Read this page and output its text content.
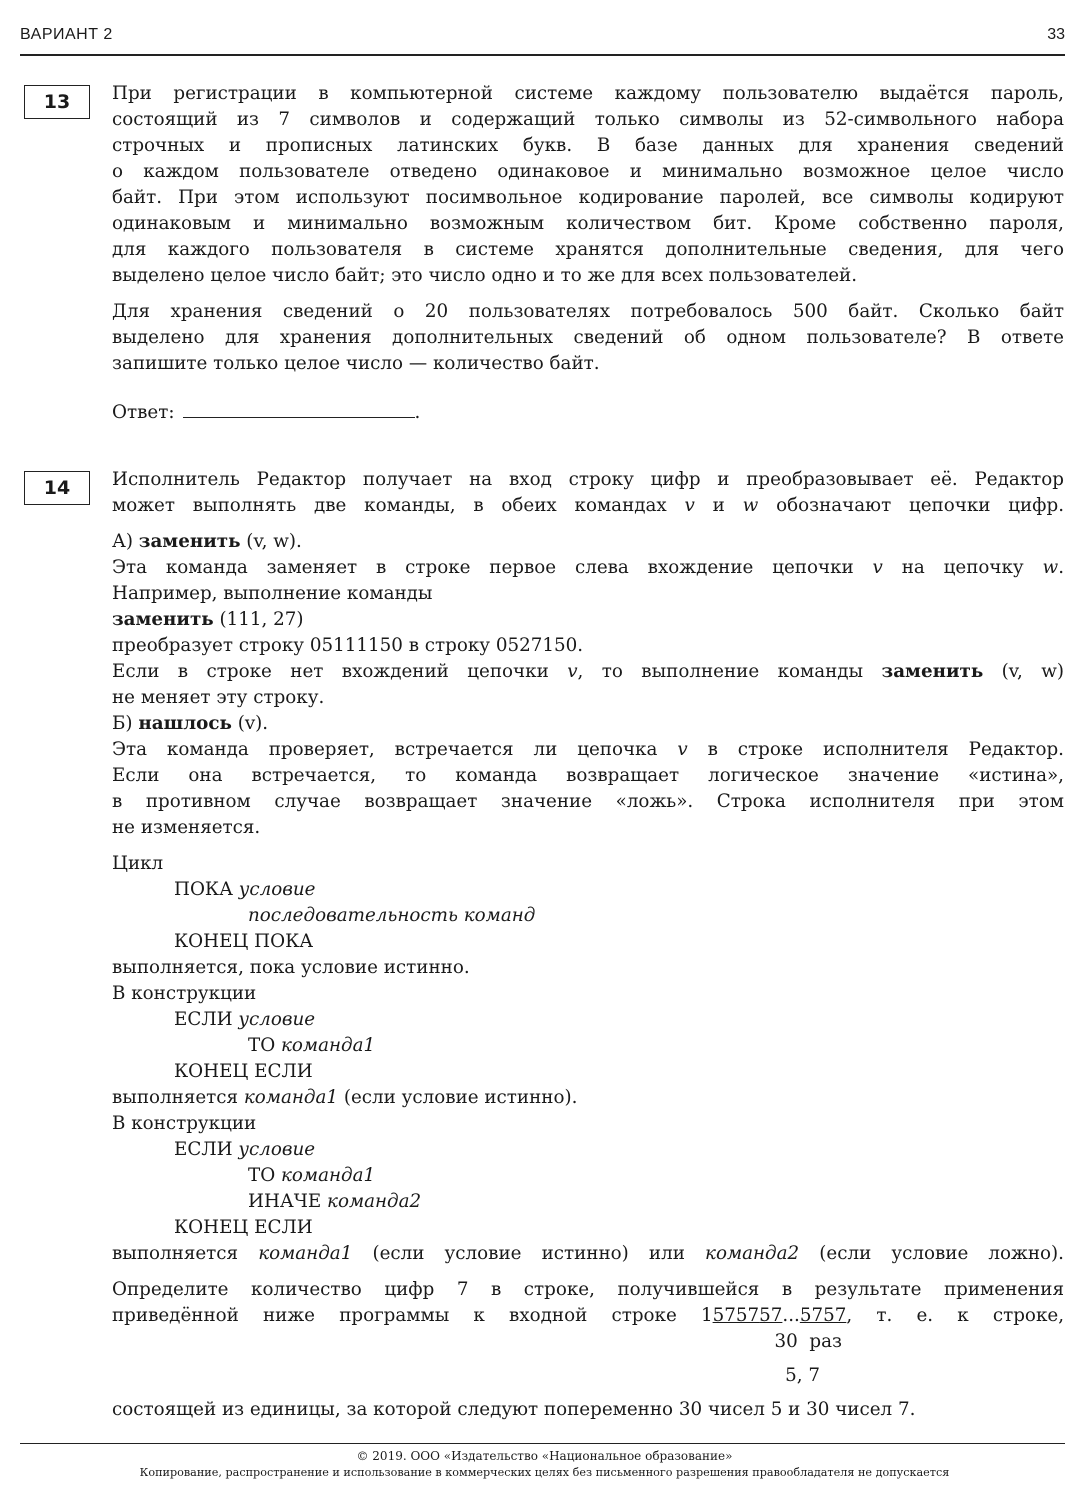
ВАРИАНТ 2	33
13	При регистрации в компьютерной системе каждому пользователю выдаётся пароль,
состоящий из 7 символов и содержащий только символы из 52-символьного набора
строчных и прописных латинских букв. В базе данных для хранения сведений
о каждом пользователе отведено одинаковое и минимально возможное целое число
байт. При этом используют посимвольное кодирование паролей, все символы кодируют
одинаковым и минимально возможным количеством бит. Кроме собственно пароля,
для каждого пользователя в системе хранятся дополнительные сведения, для чего
выделено целое число байт; это число одно и то же для всех пользователей.
Для хранения сведений о 20 пользователях потребовалось 500 байт. Сколько байт
выделено для хранения дополнительных сведений об одном пользователе? В ответе
запишите только целое число — количество байт.
Ответ:	.
14	Исполнитель Редактор получает на вход строку цифр и преобразовывает её. Редактор
может выполнять две команды, в обеих командах v и w обозначают цепочки цифр.
А) заменить (v, w).
Эта команда заменяет в строке первое слева вхождение цепочки v на цепочку w.
Например, выполнение команды
заменить (111, 27)
преобразует строку 05111150 в строку 0527150.
Если в строке нет вхождений цепочки v, то выполнение команды заменить (v, w)
не меняет эту строку.
Б) нашлось (v).
Эта команда проверяет, встречается ли цепочка v в строке исполнителя Редактор.
Если она встречается, то команда возвращает логическое значение «истина»,
в противном случае возвращает значение «ложь». Строка исполнителя при этом
не изменяется.
Цикл
ПОКА условие
последовательность команд
КОНЕЦ ПОКА
выполняется, пока условие истинно.
В конструкции
ЕСЛИ условие
ТО команда1
КОНЕЦ ЕСЛИ
выполняется команда1 (если условие истинно).
В конструкции
ЕСЛИ условие
ТО команда1
ИНАЧЕ команда2
КОНЕЦ ЕСЛИ
выполняется команда1 (если условие истинно) или команда2 (если условие ложно).
Определите количество цифр 7 в строке, получившейся в результате применения
приведённой ниже программы к входной строке 1575757...5757, т. е. к строке,
30 раз
5, 7
состоящей из единицы, за которой следуют попеременно 30 чисел 5 и 30 чисел 7.
© 2019. ООО «Издательство «Национальное образование»
Копирование, распространение и использование в коммерческих целях без письменного разрешения правообладателя не допускается
